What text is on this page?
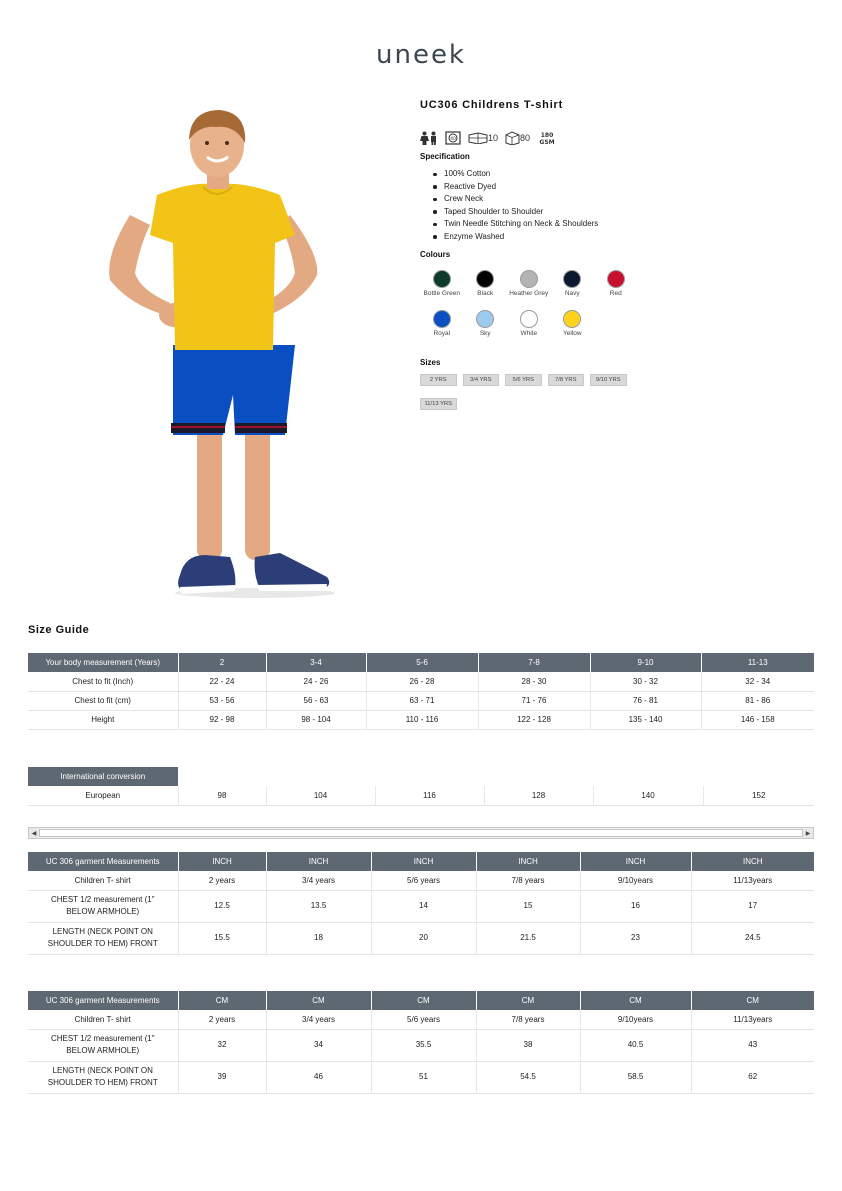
uneek
UC306 Childrens T-shirt
40	10 80 180
GSM
Specification
100% Cotton
Reactive Dyed
Crew Neck
Taped Shoulder to Shoulder
Twin Needle Stitching on Neck & Shoulders
Enzyme Washed
Colours
Bottle Green	Black	Heather Grey	Navy	Red
Royal	Sky	White	Yellow
Sizes
2 YRS	3/4 YRS	5/6 YRS	7/8 YRS	9/10 YRS
11/13 YRS
Size Guide
Your body measurement (Years)	2	3-4	5-6	7-8	9-10	11-13
Chest to fit (Inch)	22 - 24	24 - 26	26 - 28	28 - 30	30 - 32	32 - 34
Chest to fit (cm)	53 - 56	56 - 63	63 - 71	71 - 76	76 - 81	81 - 86
Height	92 - 98	98 - 104	110 - 116	122 - 128	135 - 140	146 - 158
International conversion						
European	98	104	116	128	140	152
◀	▶
UC 306 garment Measurements	INCH	INCH	INCH	INCH	INCH	INCH
Children T- shirt	2 years	3/4 years	5/6 years	7/8 years	9/10years	11/13years
CHEST 1/2 measurement (1" BELOW ARMHOLE)	12.5	13.5	14	15	16	17
LENGTH (NECK POINT ON SHOULDER TO HEM) FRONT	15.5	18	20	21.5	23	24.5
UC 306 garment Measurements	CM	CM	CM	CM	CM	CM
Children T- shirt	2 years	3/4 years	5/6 years	7/8 years	9/10years	11/13years
CHEST 1/2 measurement (1" BELOW ARMHOLE)	32	34	35.5	38	40.5	43
LENGTH (NECK POINT ON SHOULDER TO HEM) FRONT	39	46	51	54.5	58.5	62
